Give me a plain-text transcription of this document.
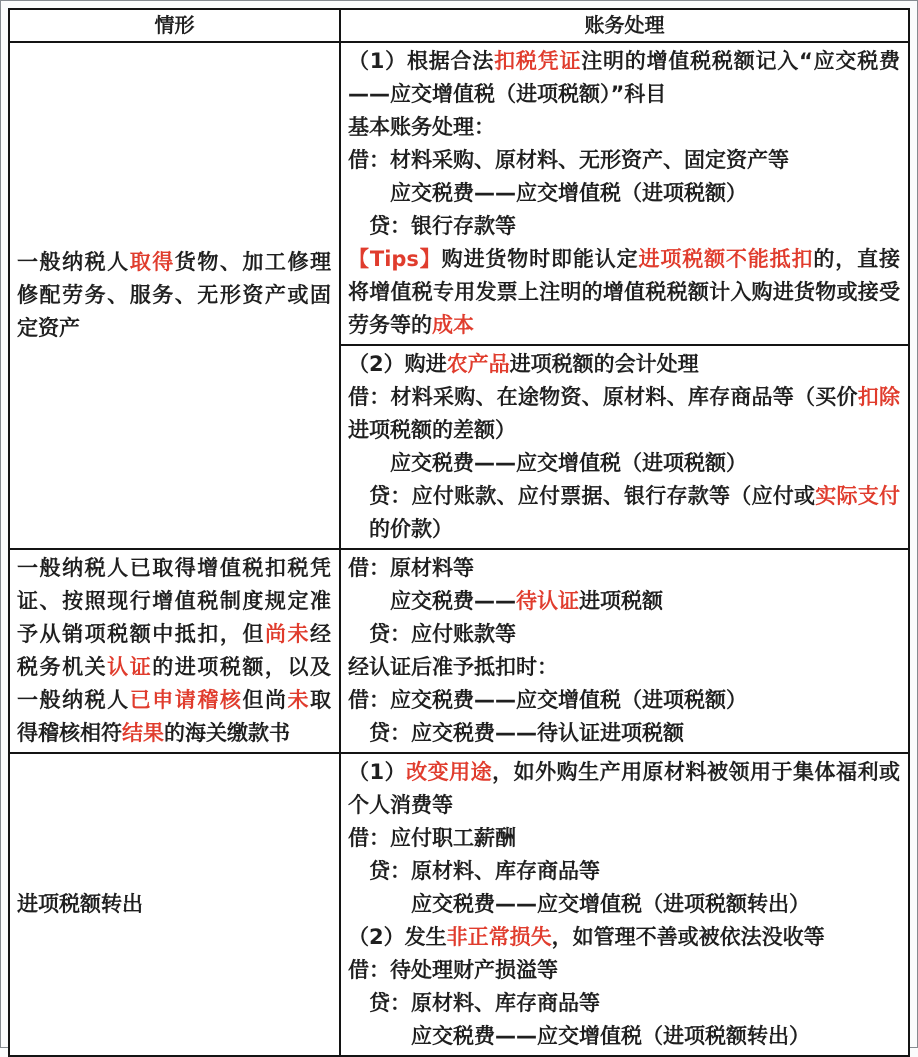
情形	账务处理
一般纳税人取得货物、加工修理修配劳务、服务、无形资产或固定资产
（1）根据合法扣税凭证注明的增值税税额记入“应交税费——应交增值税（进项税额）”科目
基本账务处理：
借：材料采购、原材料、无形资产、固定资产等
应交税费——应交增值税（进项税额）
贷：银行存款等
【Tips】购进货物时即能认定进项税额不能抵扣的，直接将增值税专用发票上注明的增值税税额计入购进货物或接受劳务等的成本
（2）购进农产品进项税额的会计处理
借：材料采购、在途物资、原材料、库存商品等（买价扣除进项税额的差额）
应交税费——应交增值税（进项税额）
贷：应付账款、应付票据、银行存款等（应付或实际支付的价款）
一般纳税人已取得增值税扣税凭证、按照现行增值税制度规定准予从销项税额中抵扣，但尚未经税务机关认证的进项税额，以及一般纳税人已申请稽核但尚未取得稽核相符结果的海关缴款书
借：原材料等
应交税费——待认证进项税额
贷：应付账款等
经认证后准予抵扣时：
借：应交税费——应交增值税（进项税额）
贷：应交税费——待认证进项税额
进项税额转出
（1）改变用途，如外购生产用原材料被领用于集体福利或个人消费等
借：应付职工薪酬
贷：原材料、库存商品等
应交税费——应交增值税（进项税额转出）
（2）发生非正常损失，如管理不善或被依法没收等
借：待处理财产损溢等
贷：原材料、库存商品等
应交税费——应交增值税（进项税额转出）
